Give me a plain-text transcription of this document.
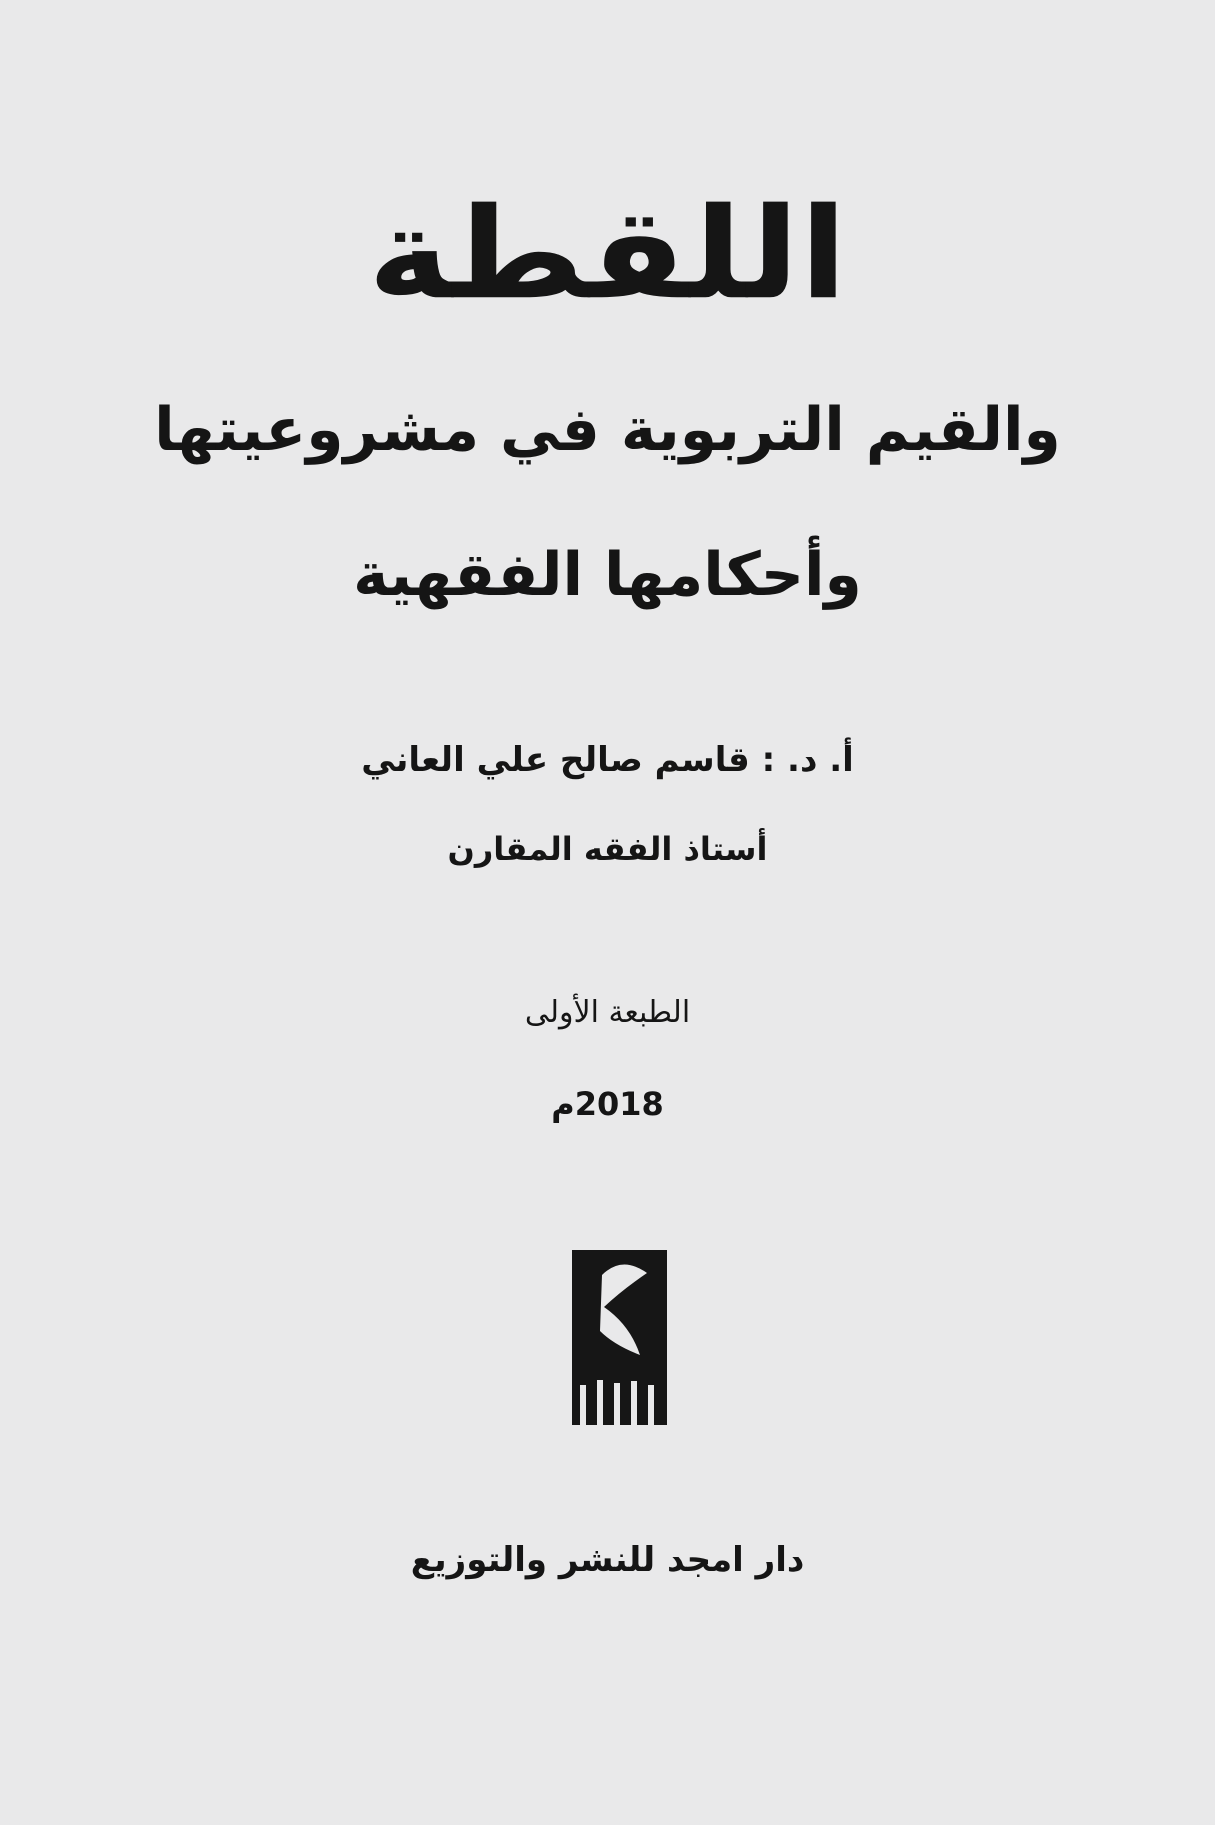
اللقطة
والقيم التربوية في مشروعيتها
وأحكامها الفقهية
أ. د. : قاسم صالح علي العاني
أستاذ الفقه المقارن
الطبعة الأولى
2018م
دار امجد للنشر والتوزيع
